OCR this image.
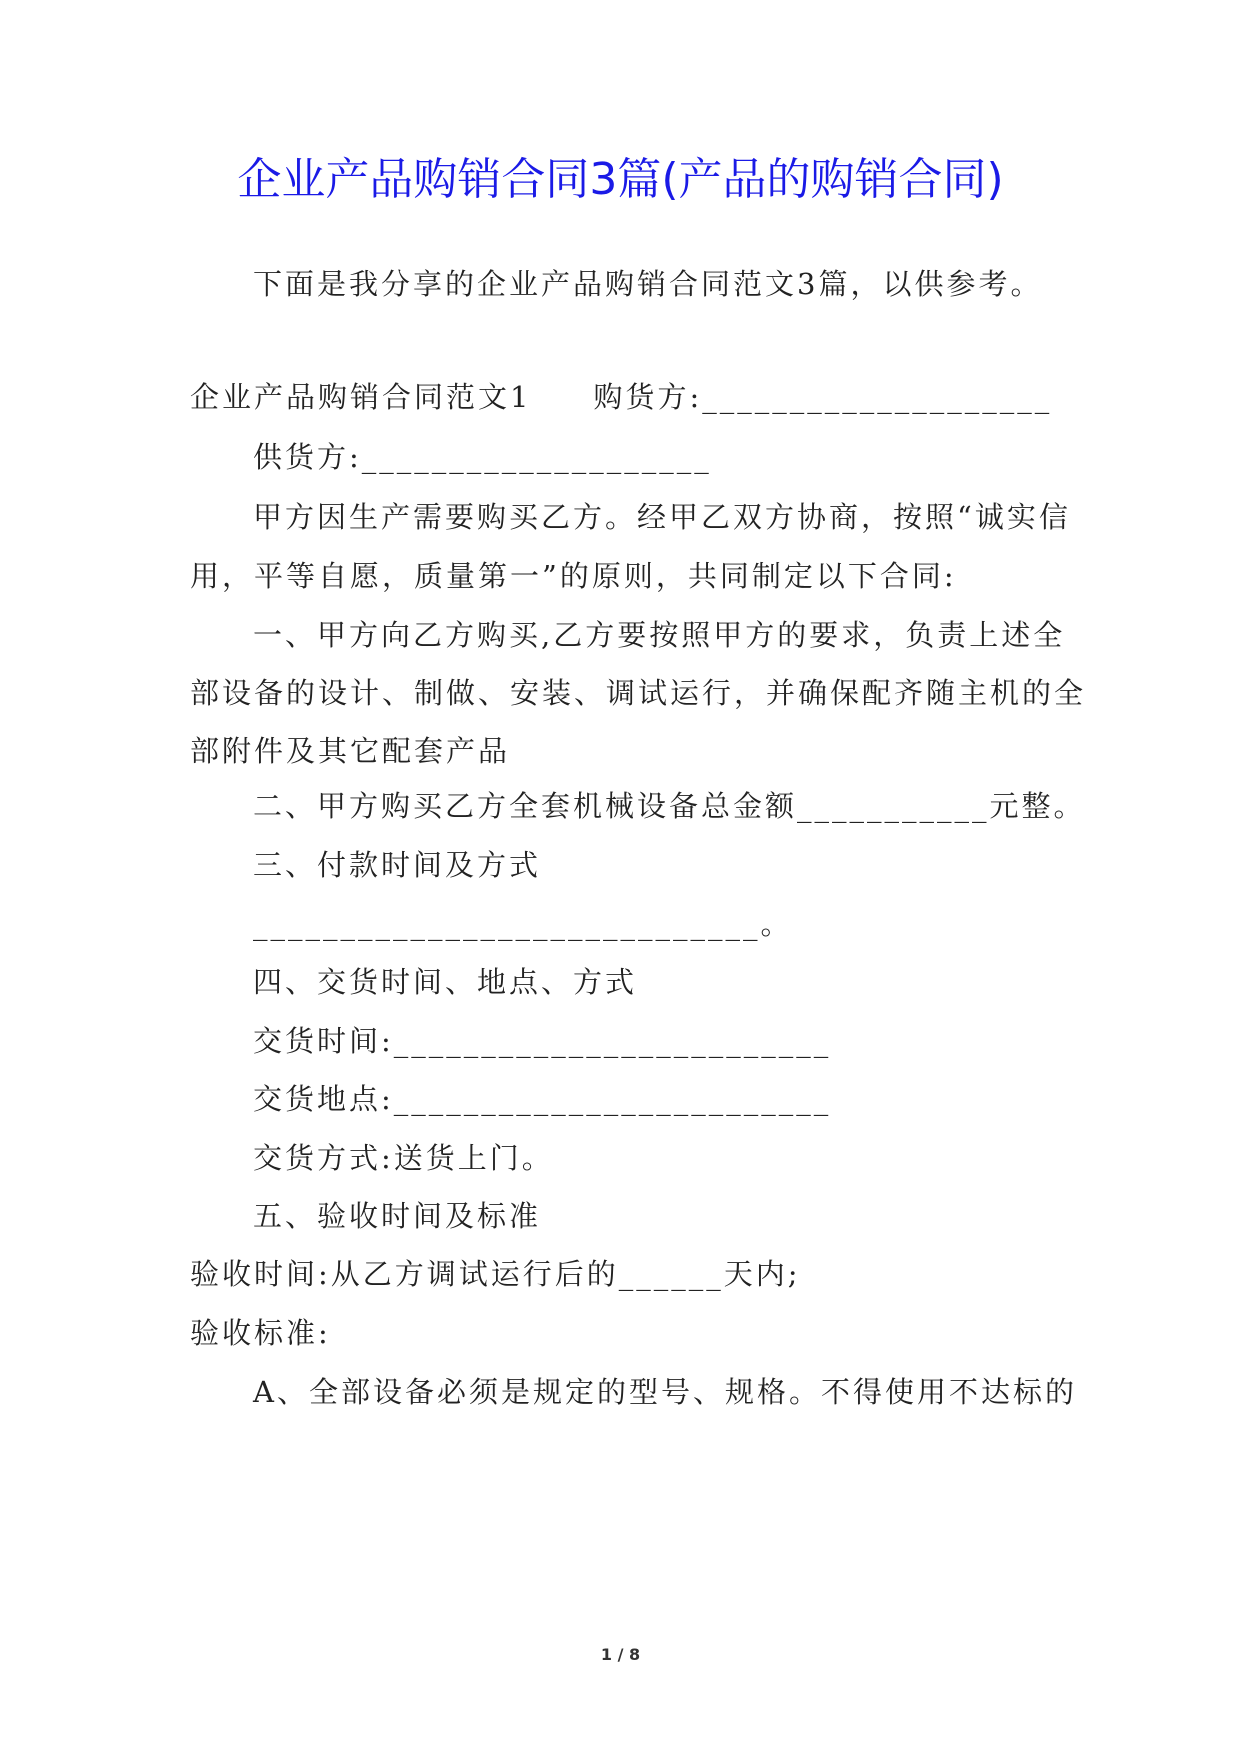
企业产品购销合同3篇(产品的购销合同)
下面是我分享的企业产品购销合同范文3篇，以供参考。
企业产品购销合同范文1 购货方:____________________
供货方:____________________
甲方因生产需要购买乙方。经甲乙双方协商，按照“诚实信
用，平等自愿，质量第一”的原则，共同制定以下合同:
一、甲方向乙方购买,乙方要按照甲方的要求，负责上述全
部设备的设计、制做、安装、调试运行，并确保配齐随主机的全
部附件及其它配套产品
二、甲方购买乙方全套机械设备总金额___________元整。
三、付款时间及方式
_____________________________。
四、交货时间、地点、方式
交货时间:_________________________
交货地点:_________________________
交货方式:送货上门。
五、验收时间及标准
验收时间:从乙方调试运行后的______天内;
验收标准:
A、全部设备必须是规定的型号、规格。不得使用不达标的
1 / 8
